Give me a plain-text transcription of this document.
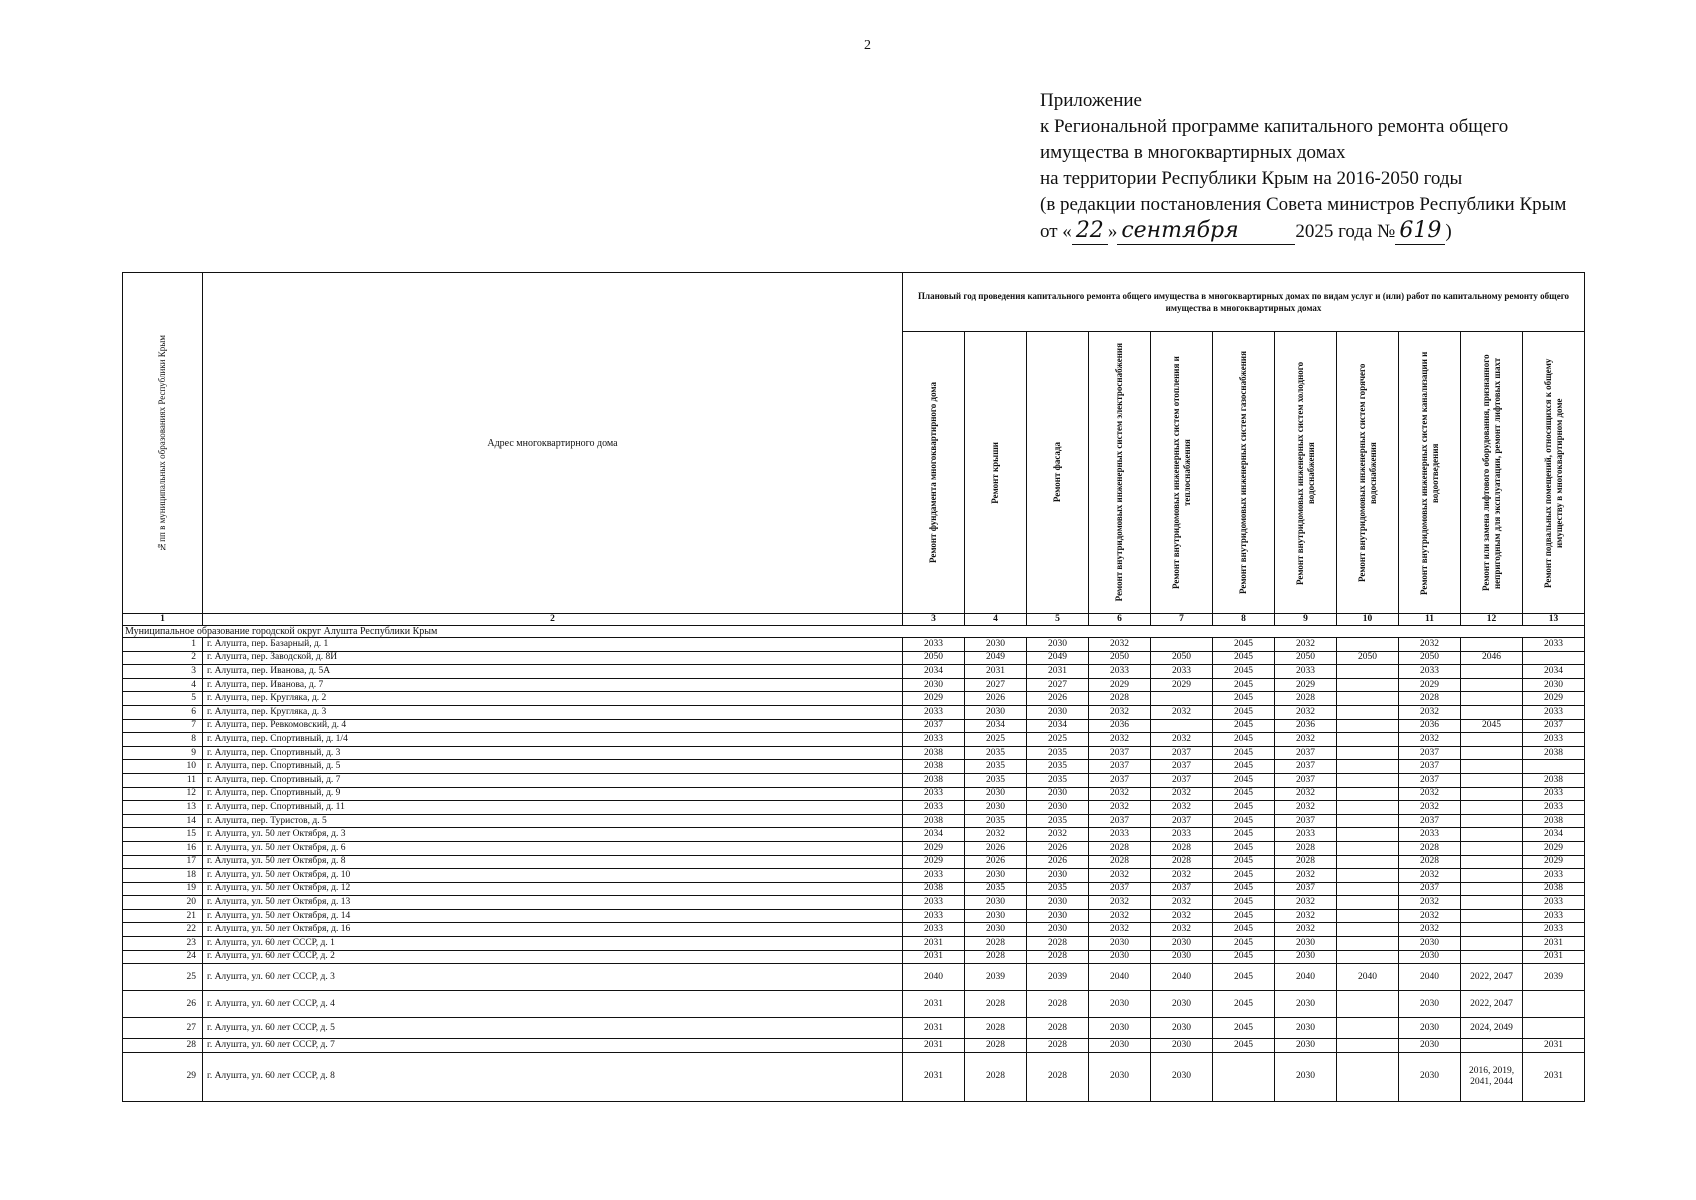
2
Приложение
к Региональной программе капитального ремонта общего
имущества в многоквартирных домах
на территории Республики Крым на 2016-2050 годы
(в редакции постановления Совета министров Республики Крым
от « 22 » сентября	2025 года № 619 )
№пп в муниципальных образованиях Республики Крым	Адрес многоквартирного дома	Плановый год проведения капитального ремонта общего имущества в многоквартирных домах по видам услуг и (или) работ по капитальному ремонту общего имущества в многоквартирных домах										

		Ремонт фундамента многоквартирного дома	Ремонт крыши	Ремонт фасада	Ремонт внутридомовых инженерных систем электроснабжения	Ремонт внутридомовых инженерных систем отопления и теплоснабжения	Ремонт внутридомовых инженерных систем газоснабжения	Ремонт внутридомовых инженерных систем холодного водоснабжения	Ремонт внутридомовых инженерных систем горячего водоснабжения	Ремонт внутридомовых инженерных систем канализации и водоотведения	Ремонт или замена лифтового оборудования, признанного непригодным для эксплуатации, ремонт лифтовых шахт	Ремонт подвальных помещений, относящихся к общему имуществу в многоквартирном доме

1	2	3	4	5	6	7	8	9	10	11	12	13
Муниципальное образование городской округ Алушта Республики Крым												
1	г. Алушта, пер. Базарный, д. 1	2033	2030	2030	2032		2045	2032		2032		2033
2	г. Алушта, пер. Заводской, д. 8И	2050	2049	2049	2050	2050	2045	2050	2050	2050	2046	
3	г. Алушта, пер. Иванова, д. 5А	2034	2031	2031	2033	2033	2045	2033		2033		2034
4	г. Алушта, пер. Иванова, д. 7	2030	2027	2027	2029	2029	2045	2029		2029		2030
5	г. Алушта, пер. Кругляка, д. 2	2029	2026	2026	2028		2045	2028		2028		2029
6	г. Алушта, пер. Кругляка, д. 3	2033	2030	2030	2032	2032	2045	2032		2032		2033
7	г. Алушта, пер. Ревкомовский, д. 4	2037	2034	2034	2036		2045	2036		2036	2045	2037
8	г. Алушта, пер. Спортивный, д. 1/4	2033	2025	2025	2032	2032	2045	2032		2032		2033
9	г. Алушта, пер. Спортивный, д. 3	2038	2035	2035	2037	2037	2045	2037		2037		2038
10	г. Алушта, пер. Спортивный, д. 5	2038	2035	2035	2037	2037	2045	2037		2037		
11	г. Алушта, пер. Спортивный, д. 7	2038	2035	2035	2037	2037	2045	2037		2037		2038
12	г. Алушта, пер. Спортивный, д. 9	2033	2030	2030	2032	2032	2045	2032		2032		2033
13	г. Алушта, пер. Спортивный, д. 11	2033	2030	2030	2032	2032	2045	2032		2032		2033
14	г. Алушта, пер. Туристов, д. 5	2038	2035	2035	2037	2037	2045	2037		2037		2038
15	г. Алушта, ул. 50 лет Октября, д. 3	2034	2032	2032	2033	2033	2045	2033		2033		2034
16	г. Алушта, ул. 50 лет Октября, д. 6	2029	2026	2026	2028	2028	2045	2028		2028		2029
17	г. Алушта, ул. 50 лет Октября, д. 8	2029	2026	2026	2028	2028	2045	2028		2028		2029
18	г. Алушта, ул. 50 лет Октября, д. 10	2033	2030	2030	2032	2032	2045	2032		2032		2033
19	г. Алушта, ул. 50 лет Октября, д. 12	2038	2035	2035	2037	2037	2045	2037		2037		2038
20	г. Алушта, ул. 50 лет Октября, д. 13	2033	2030	2030	2032	2032	2045	2032		2032		2033
21	г. Алушта, ул. 50 лет Октября, д. 14	2033	2030	2030	2032	2032	2045	2032		2032		2033
22	г. Алушта, ул. 50 лет Октября, д. 16	2033	2030	2030	2032	2032	2045	2032		2032		2033
23	г. Алушта, ул. 60 лет СССР, д. 1	2031	2028	2028	2030	2030	2045	2030		2030		2031
24	г. Алушта, ул. 60 лет СССР, д. 2	2031	2028	2028	2030	2030	2045	2030		2030		2031
25	г. Алушта, ул. 60 лет СССР, д. 3	2040	2039	2039	2040	2040	2045	2040	2040	2040	2022, 2047	2039
26	г. Алушта, ул. 60 лет СССР, д. 4	2031	2028	2028	2030	2030	2045	2030		2030	2022, 2047	
27	г. Алушта, ул. 60 лет СССР, д. 5	2031	2028	2028	2030	2030	2045	2030		2030	2024, 2049	
28	г. Алушта, ул. 60 лет СССР, д. 7	2031	2028	2028	2030	2030	2045	2030		2030		2031
29	г. Алушта, ул. 60 лет СССР, д. 8	2031	2028	2028	2030	2030		2030		2030	2016, 2019, 2041, 2044	2031
